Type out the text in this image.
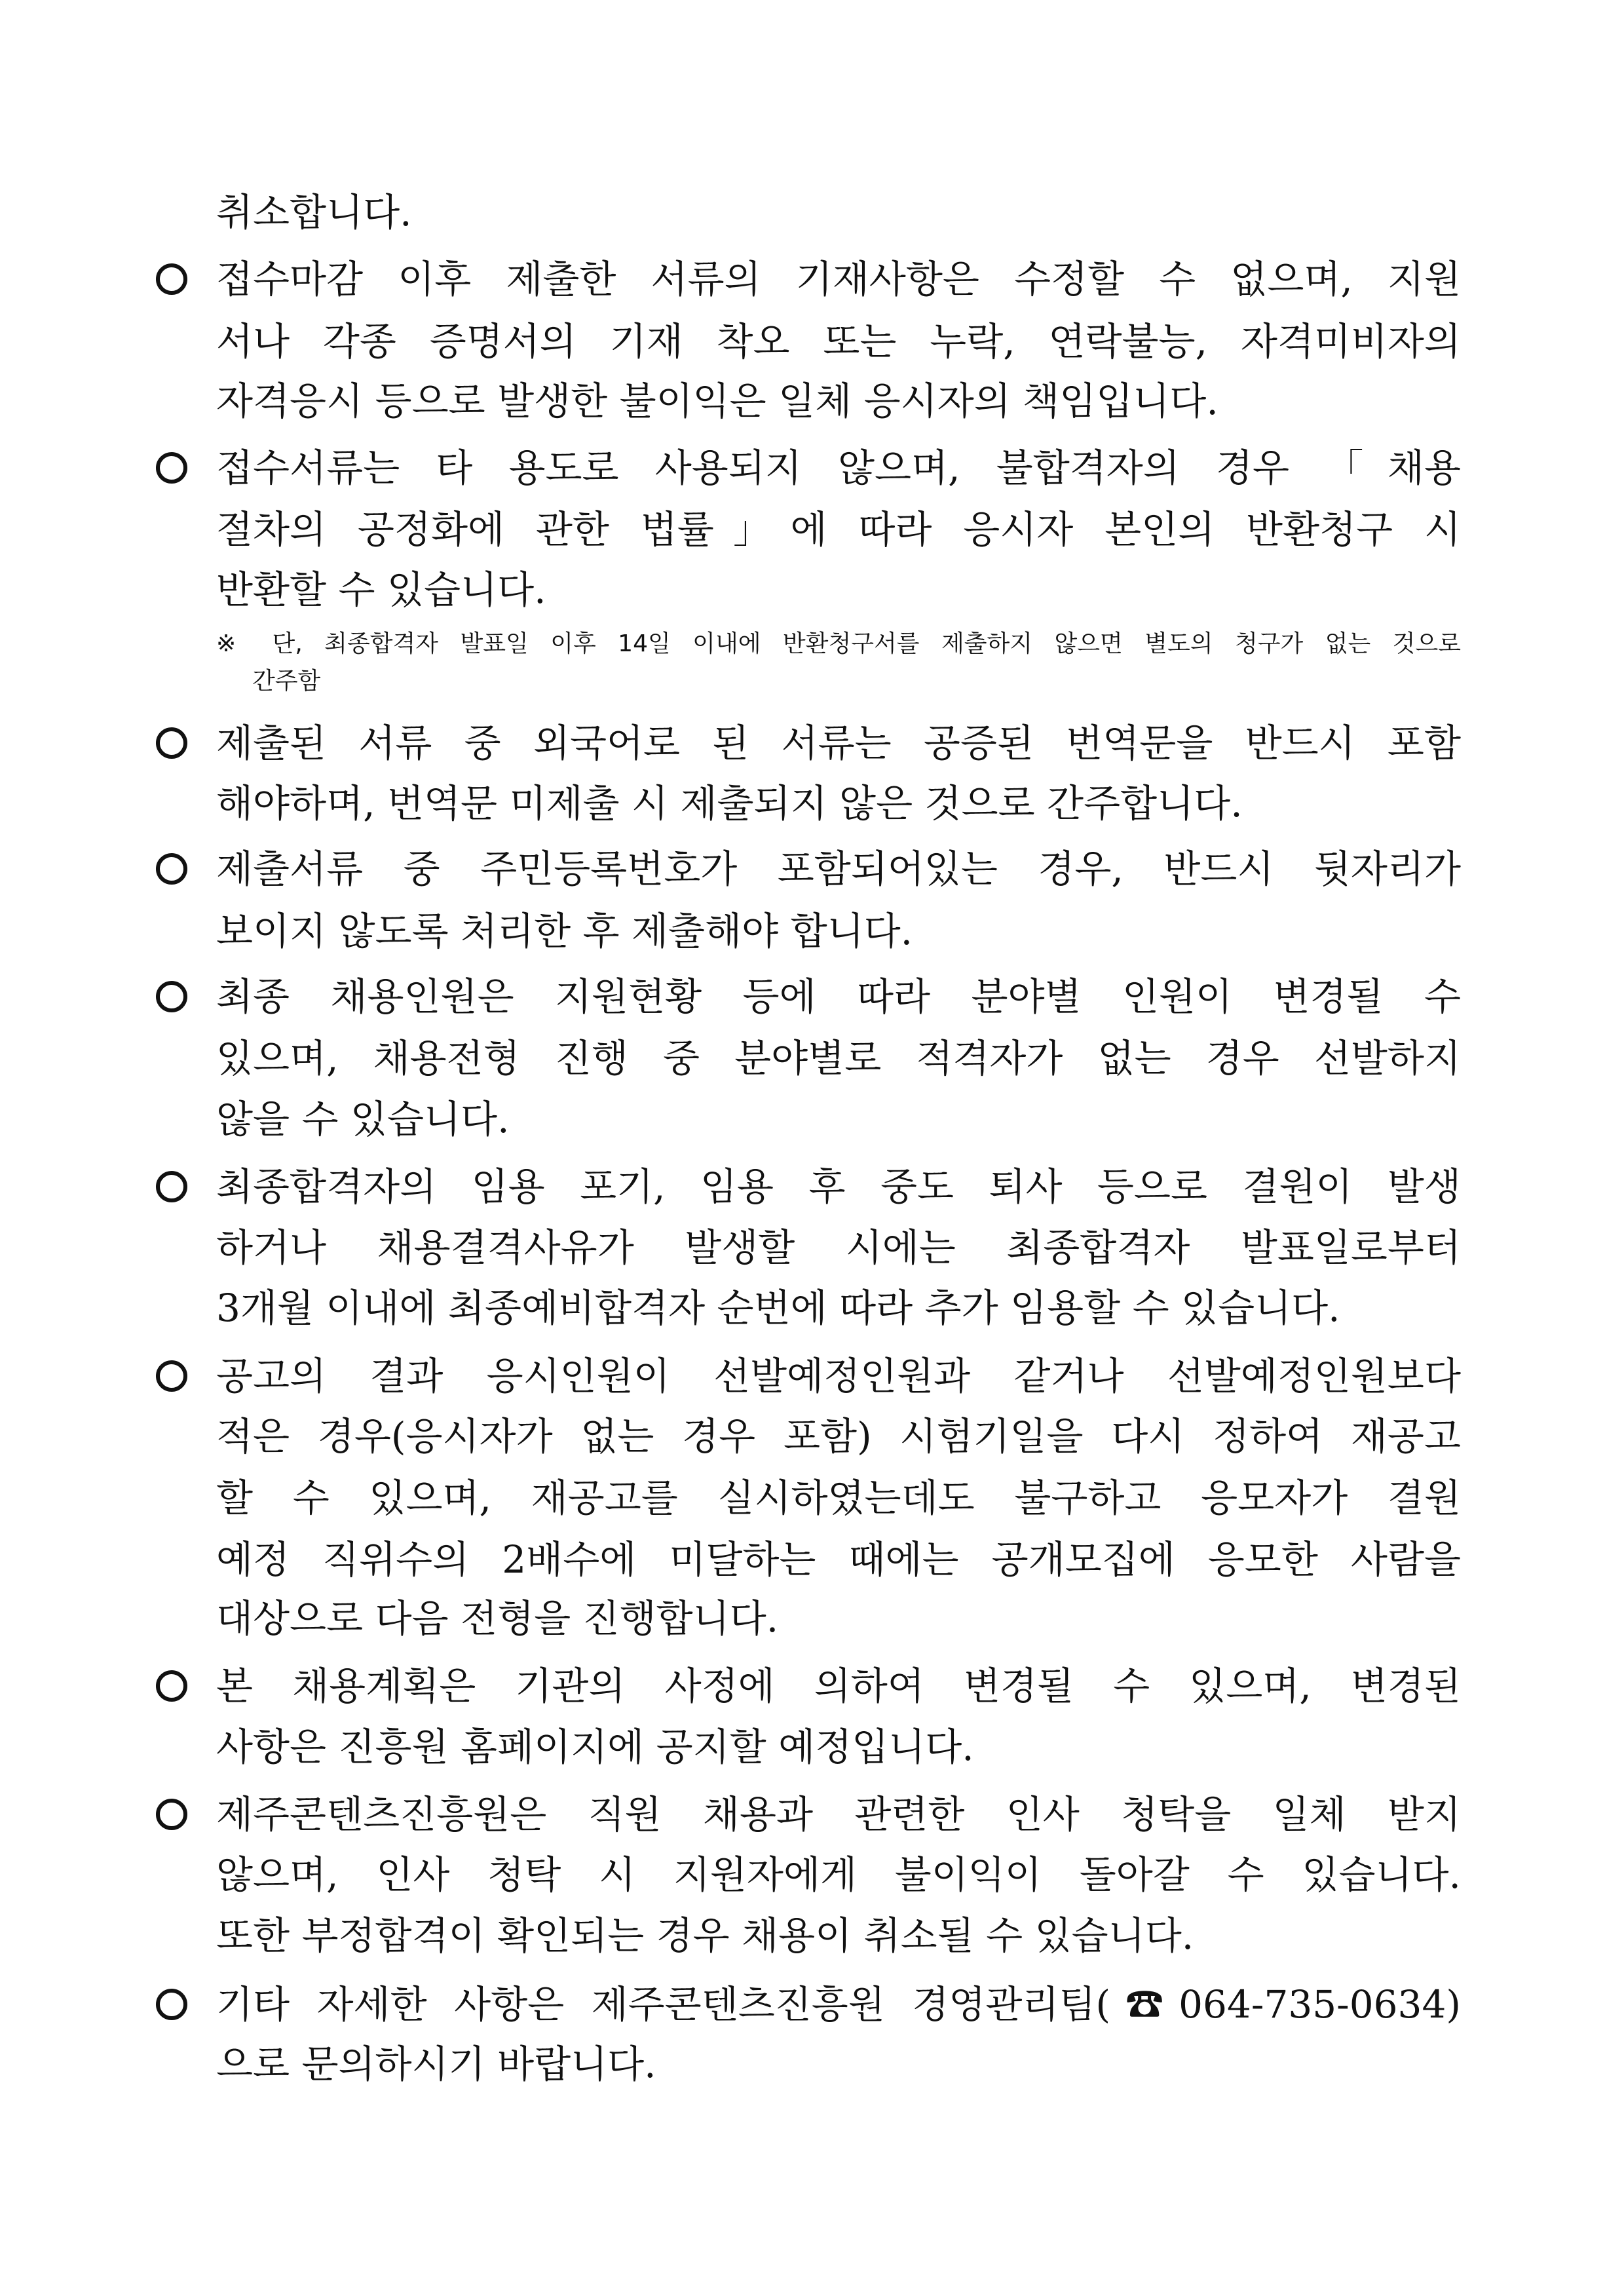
취소합니다.
접수마감 이후 제출한 서류의 기재사항은 수정할 수 없으며, 지원
서나 각종 증명서의 기재 착오 또는 누락, 연락불능, 자격미비자의
자격응시 등으로 발생한 불이익은 일체 응시자의 책임입니다.
접수서류는 타 용도로 사용되지 않으며, 불합격자의 경우 「채용
절차의 공정화에 관한 법률」에 따라 응시자 본인의 반환청구 시
반환할 수 있습니다.
※ 단, 최종합격자 발표일 이후 14일 이내에 반환청구서를 제출하지 않으면 별도의 청구가 없는 것으로
간주함
제출된 서류 중 외국어로 된 서류는 공증된 번역문을 반드시 포함
해야하며, 번역문 미제출 시 제출되지 않은 것으로 간주합니다.
제출서류 중 주민등록번호가 포함되어있는 경우, 반드시 뒷자리가
보이지 않도록 처리한 후 제출해야 합니다.
최종 채용인원은 지원현황 등에 따라 분야별 인원이 변경될 수
있으며, 채용전형 진행 중 분야별로 적격자가 없는 경우 선발하지
않을 수 있습니다.
최종합격자의 임용 포기, 임용 후 중도 퇴사 등으로 결원이 발생
하거나 채용결격사유가 발생할 시에는 최종합격자 발표일로부터
3개월 이내에 최종예비합격자 순번에 따라 추가 임용할 수 있습니다.
공고의 결과 응시인원이 선발예정인원과 같거나 선발예정인원보다
적은 경우(응시자가 없는 경우 포함) 시험기일을 다시 정하여 재공고
할 수 있으며, 재공고를 실시하였는데도 불구하고 응모자가 결원
예정 직위수의 2배수에 미달하는 때에는 공개모집에 응모한 사람을
대상으로 다음 전형을 진행합니다.
본 채용계획은 기관의 사정에 의하여 변경될 수 있으며, 변경된
사항은 진흥원 홈페이지에 공지할 예정입니다.
제주콘텐츠진흥원은 직원 채용과 관련한 인사 청탁을 일체 받지
않으며, 인사 청탁 시 지원자에게 불이익이 돌아갈 수 있습니다.
또한 부정합격이 확인되는 경우 채용이 취소될 수 있습니다.
기타 자세한 사항은 제주콘텐츠진흥원 경영관리팀(☎064-735-0634)
으로 문의하시기 바랍니다.
